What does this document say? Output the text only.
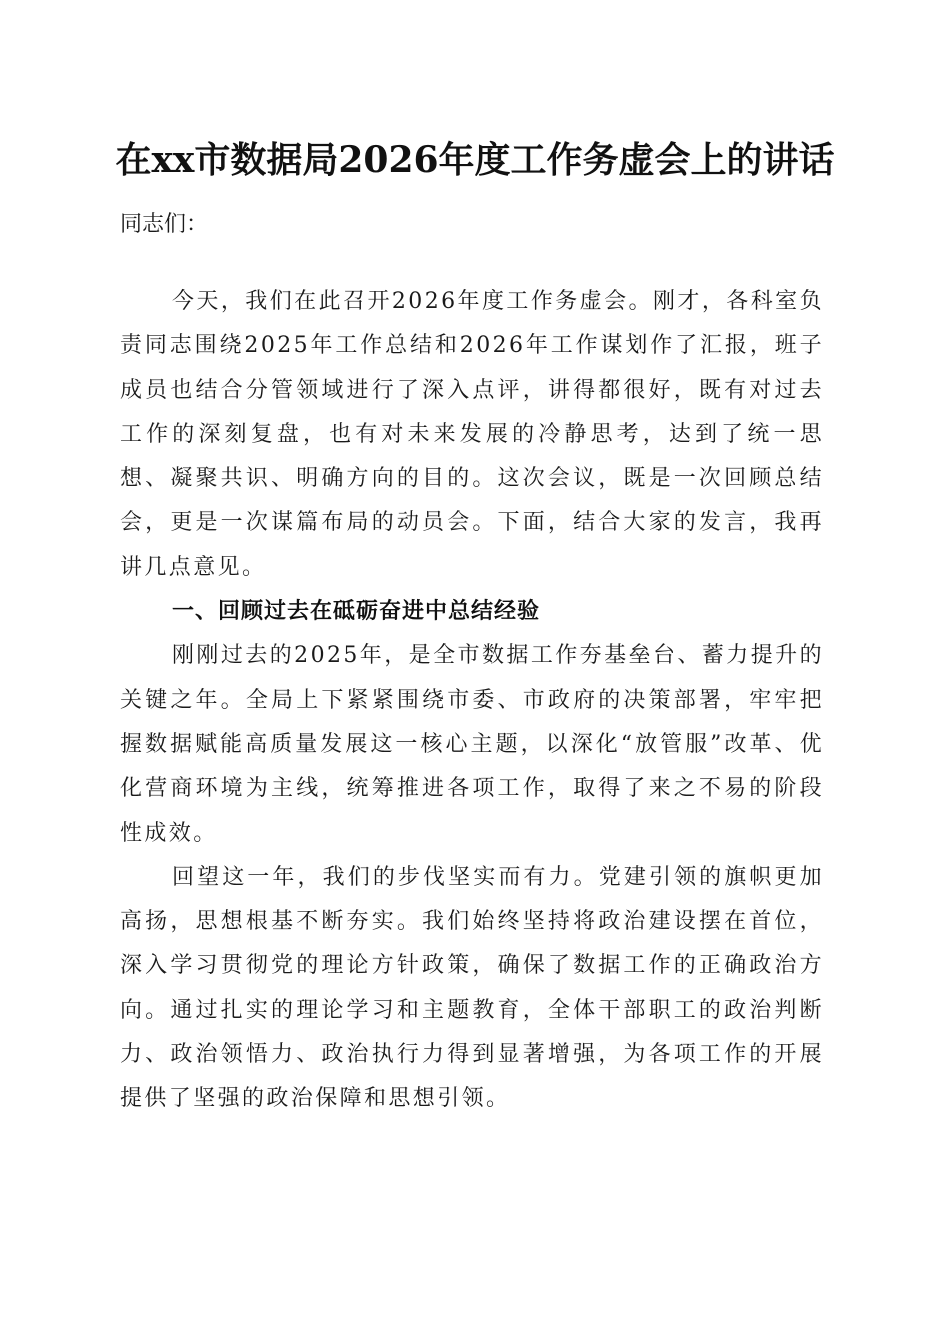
在xx市数据局2026年度工作务虚会上的讲话

同志们：

今天，我们在此召开2026年度工作务虚会。刚才，各科室负责同志围绕2025年工作总结和2026年工作谋划作了汇报，班子成员也结合分管领域进行了深入点评，讲得都很好，既有对过去工作的深刻复盘，也有对未来发展的冷静思考，达到了统一思想、凝聚共识、明确方向的目的。这次会议，既是一次回顾总结会，更是一次谋篇布局的动员会。下面，结合大家的发言，我再讲几点意见。

一、回顾过去在砥砺奋进中总结经验

刚刚过去的2025年，是全市数据工作夯基垒台、蓄力提升的关键之年。全局上下紧紧围绕市委、市政府的决策部署，牢牢把握数据赋能高质量发展这一核心主题，以深化“放管服”改革、优化营商环境为主线，统筹推进各项工作，取得了来之不易的阶段性成效。

回望这一年，我们的步伐坚实而有力。党建引领的旗帜更加高扬，思想根基不断夯实。我们始终坚持将政治建设摆在首位，深入学习贯彻党的理论方针政策，确保了数据工作的正确政治方向。通过扎实的理论学习和主题教育，全体干部职工的政治判断力、政治领悟力、政治执行力得到显著增强，为各项工作的开展提供了坚强的政治保障和思想引领。
